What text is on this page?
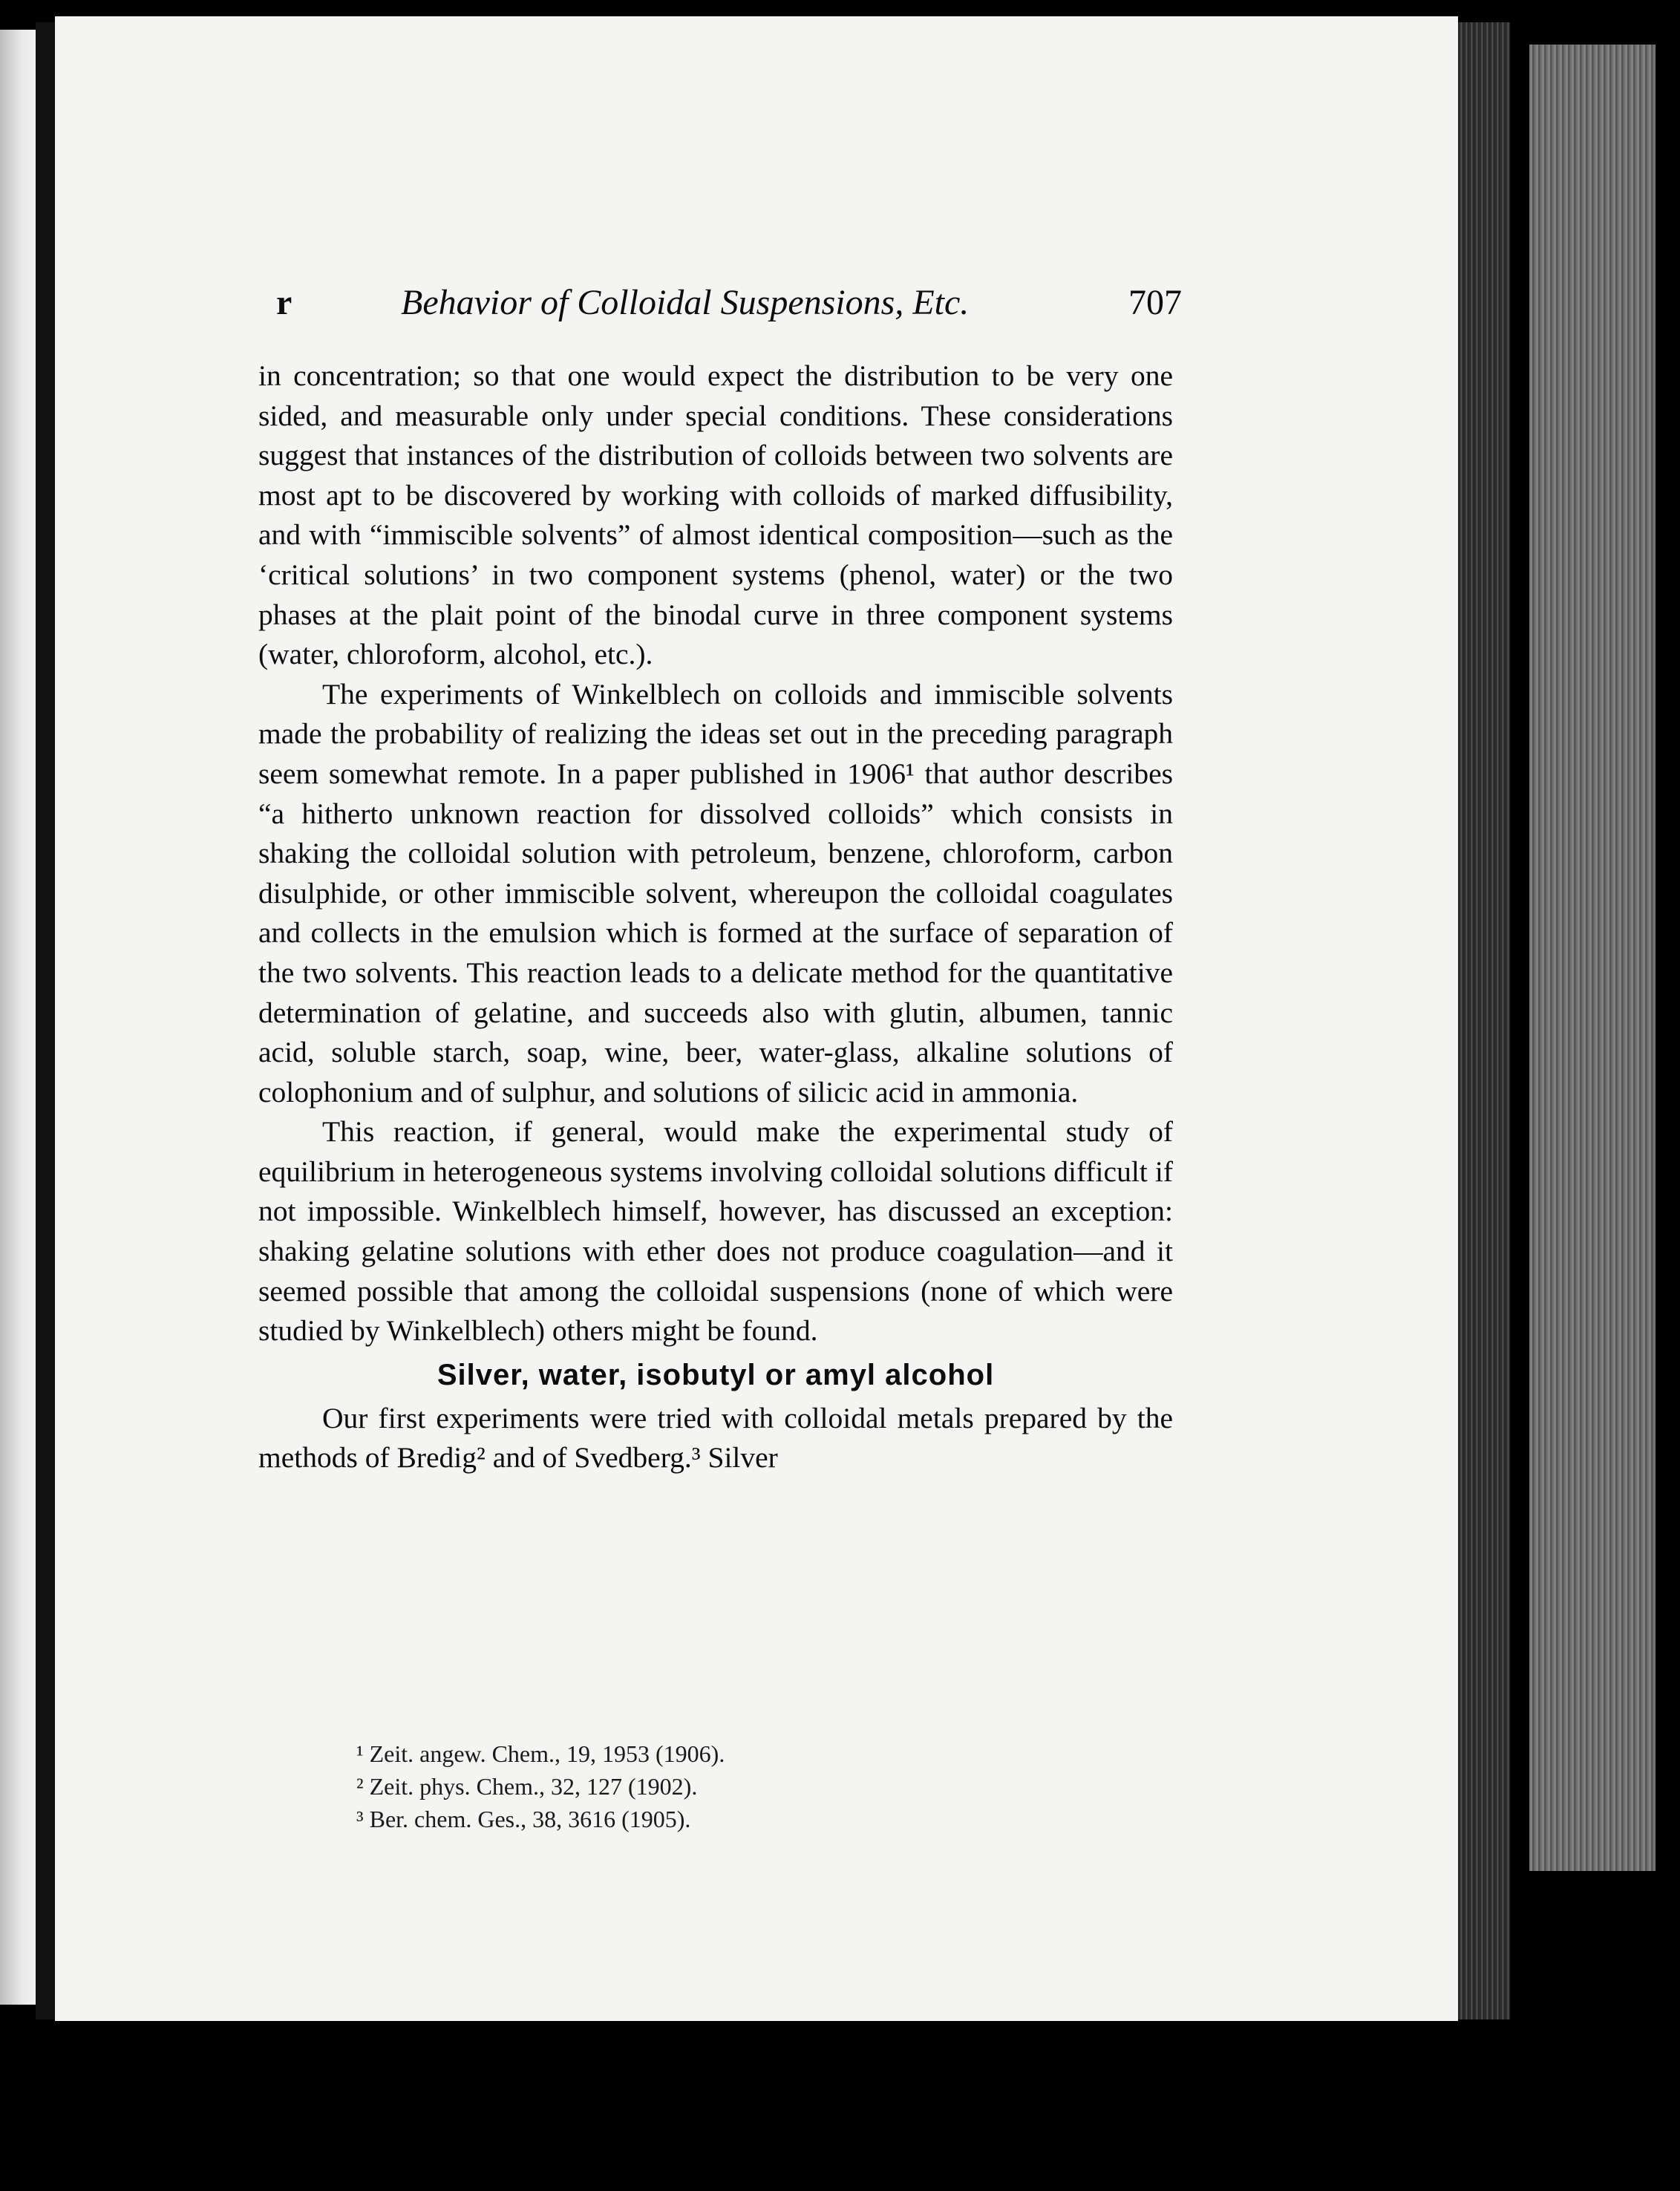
r	Behavior of Colloidal Suspensions, Etc.	707

in concentration; so that one would expect the distribution to be very one sided, and measurable only under special conditions. These considerations suggest that instances of the distribution of colloids between two solvents are most apt to be discovered by working with colloids of marked diffusibility, and with “immiscible solvents” of almost identical composition—such as the ‘critical solutions’ in two component systems (phenol, water) or the two phases at the plait point of the binodal curve in three component systems (water, chloroform, alcohol, etc.).

The experiments of Winkelblech on colloids and immiscible solvents made the probability of realizing the ideas set out in the preceding paragraph seem somewhat remote. In a paper published in 1906¹ that author describes “a hitherto unknown reaction for dissolved colloids” which consists in shaking the colloidal solution with petroleum, benzene, chloroform, carbon disulphide, or other immiscible solvent, whereupon the colloidal coagulates and collects in the emulsion which is formed at the surface of separation of the two solvents. This reaction leads to a delicate method for the quantitative determination of gelatine, and succeeds also with glutin, albumen, tannic acid, soluble starch, soap, wine, beer, water-glass, alkaline solutions of colophonium and of sulphur, and solutions of silicic acid in ammonia.

This reaction, if general, would make the experimental study of equilibrium in heterogeneous systems involving colloidal solutions difficult if not impossible. Winkelblech himself, however, has discussed an exception: shaking gelatine solutions with ether does not produce coagulation—and it seemed possible that among the colloidal suspensions (none of which were studied by Winkelblech) others might be found.

Silver, water, isobutyl or amyl alcohol

Our first experiments were tried with colloidal metals prepared by the methods of Bredig² and of Svedberg.³ Silver

¹ Zeit. angew. Chem., 19, 1953 (1906).
² Zeit. phys. Chem., 32, 127 (1902).
³ Ber. chem. Ges., 38, 3616 (1905).
